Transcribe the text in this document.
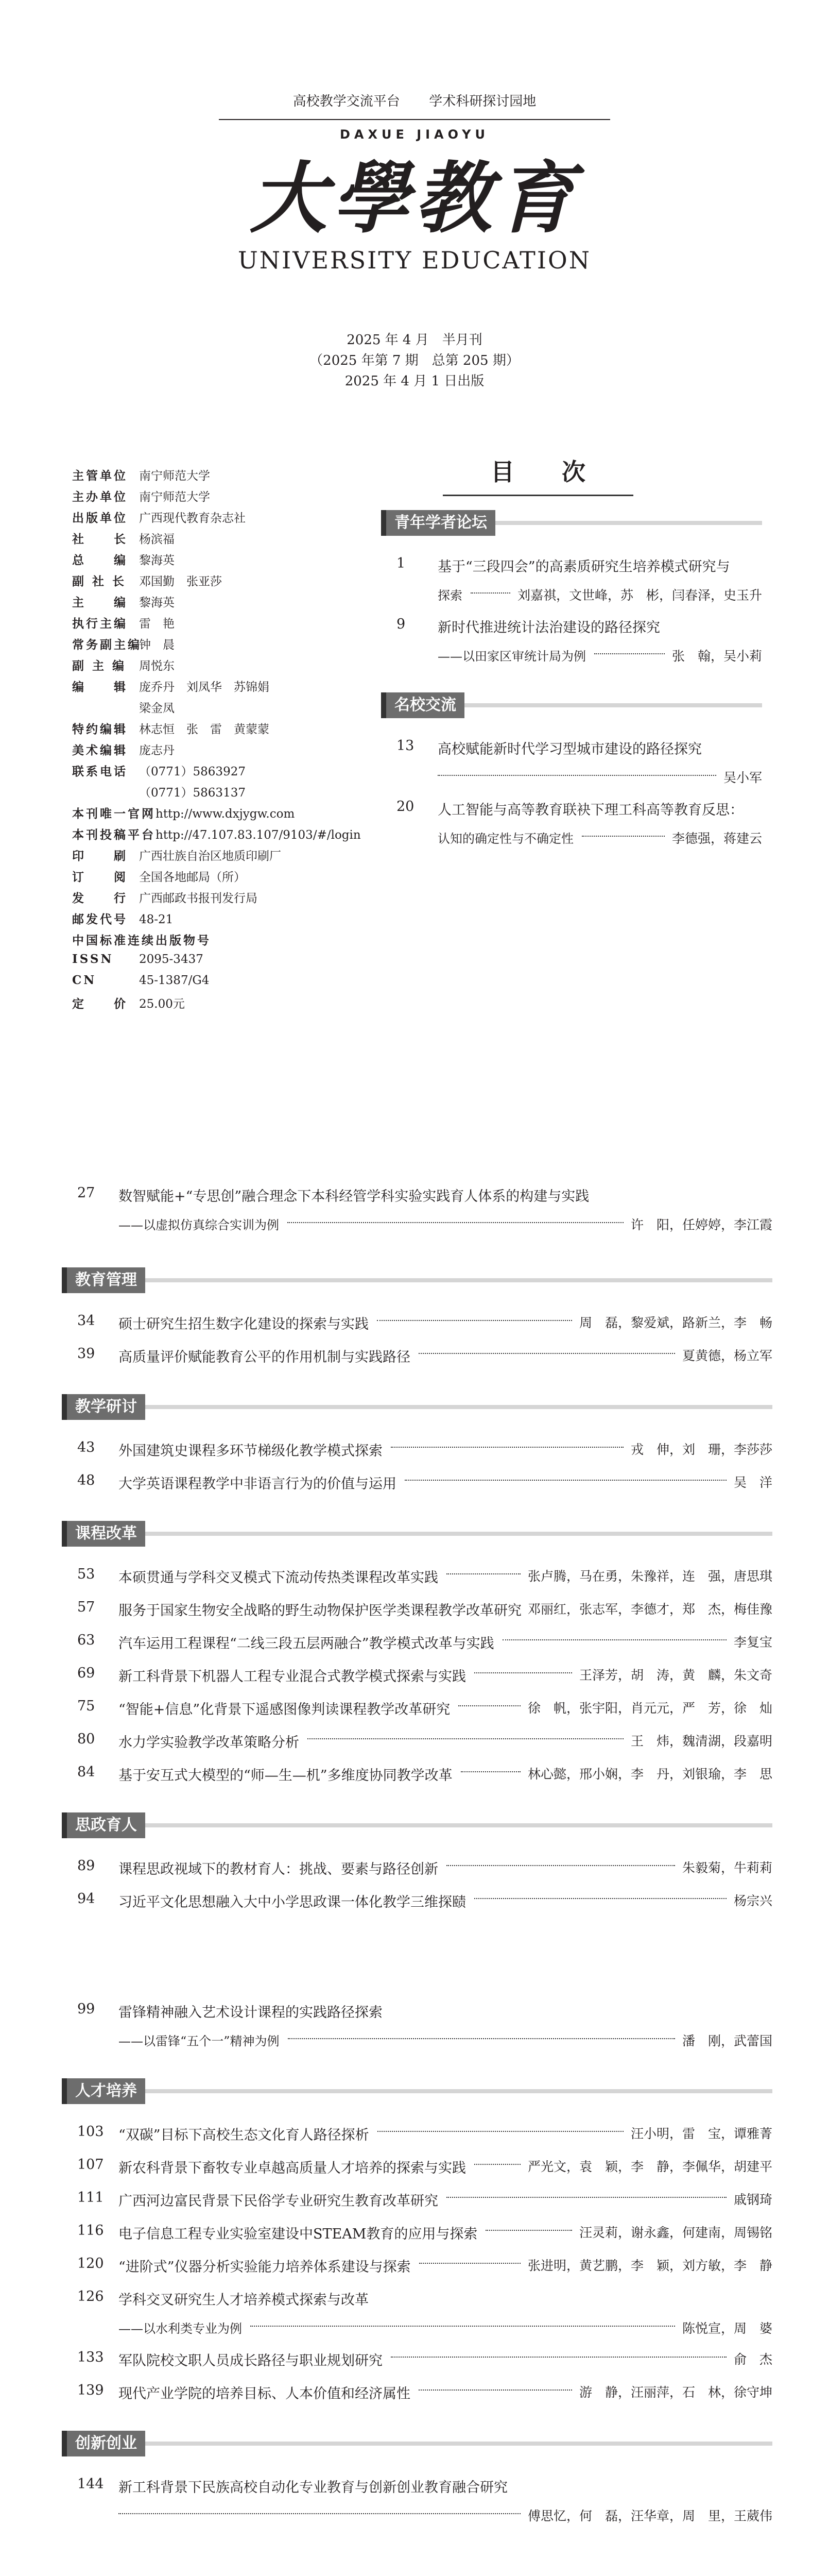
高校教学交流平台 学术科研探讨园地
DAXUE JIAOYU
大學教育
UNIVERSITY EDUCATION
2025 年 4 月　半月刊
（2025 年第 7 期　总第 205 期）
2025 年 4 月 1 日出版
主管单位 南宁师范大学
主办单位 南宁师范大学
出版单位 广西现代教育杂志社
社　　长 杨滨福
总　　编 黎海英
副 社 长 邓国勤　张亚莎
主　　编 黎海英
执行主编 雷　艳
常务副主编钟　晨
副 主 编 周悦东
编　　辑 庞乔丹　刘凤华　苏锦娟
梁金凤
特约编辑 林志恒　张　雷　黄蒙蒙
美术编辑 庞志丹
联系电话 （0771）5863927
（0771）5863137
本刊唯一官网http://www.dxjygw.com
本刊投稿平台http://47.107.83.107/9103/#/login
印　　刷 广西壮族自治区地质印刷厂
订　　阅 全国各地邮局（所）
发　　行 广西邮政书报刊发行局
邮发代号 48-21
中国标准连续出版物号
ISSN 2095-3437
CN	45-1387/G4
定　　价 25.00元
目　　次
青年学者论坛
1 基于“三段四会”的高素质研究生培养模式研究与
探索	刘嘉祺，文世峰，苏　彬，闫春泽，史玉升
9 新时代推进统计法治建设的路径探究
——以田家区审统计局为例	张　翰，吴小莉
名校交流
13 高校赋能新时代学习型城市建设的路径探究
吴小军
20 人工智能与高等教育联袂下理工科高等教育反思：
认知的确定性与不确定性	李德强，蒋建云
27 数智赋能+“专思创”融合理念下本科经管学科实验实践育人体系的构建与实践
——以虚拟仿真综合实训为例	许　阳，任婷婷，李江霞
教育管理
34 硕士研究生招生数字化建设的探索与实践	周　磊，黎爱斌，路新兰，李　畅
39 高质量评价赋能教育公平的作用机制与实践路径	夏黄德，杨立军
教学研讨
43 外国建筑史课程多环节梯级化教学模式探索	戎　伸，刘　珊，李莎莎
48 大学英语课程教学中非语言行为的价值与运用	吴　洋
课程改革
53 本硕贯通与学科交叉模式下流动传热类课程改革实践	张卢腾，马在勇，朱豫祥，连　强，唐思琪
57 服务于国家生物安全战略的野生动物保护医学类课程教学改革研究 邓丽红，张志军，李德才，郑　杰，梅佳豫
63 汽车运用工程课程“二线三段五层两融合”教学模式改革与实践	李复宝
69 新工科背景下机器人工程专业混合式教学模式探索与实践	王泽芳，胡　涛，黄　麟，朱文奇
75 “智能+信息”化背景下遥感图像判读课程教学改革研究	徐　帆，张宇阳，肖元元，严　芳，徐　灿
80 水力学实验教学改革策略分析	王　炜，魏清湖，段嘉明
84 基于安互式大模型的“师—生—机”多维度协同教学改革	林心懿，邢小娴，李　丹，刘银瑜，李　思
思政育人
89 课程思政视域下的教材育人：挑战、要素与路径创新	朱毅菊，牛莉莉
94 习近平文化思想融入大中小学思政课一体化教学三维探赜	杨宗兴
99 雷锋精神融入艺术设计课程的实践路径探索
——以雷锋“五个一”精神为例	潘　刚，武蕾国
人才培养
103 “双碳”目标下高校生态文化育人路径探析	汪小明，雷　宝，谭雅菁
107 新农科背景下畜牧专业卓越高质量人才培养的探索与实践	严光文，袁　颖，李　静，李佩华，胡建平
111 广西河边富民背景下民俗学专业研究生教育改革研究	戚钢琦
116 电子信息工程专业实验室建设中STEAM教育的应用与探索	汪灵莉，谢永鑫，何建南，周锡铭
120 “进阶式”仪器分析实验能力培养体系建设与探索	张进明，黄艺鹏，李　颖，刘方敏，李　静
126 学科交叉研究生人才培养模式探索与改革
——以水利类专业为例	陈悦宣，周　婆
133 军队院校文职人员成长路径与职业规划研究	俞　杰
139 现代产业学院的培养目标、人本价值和经济属性	游　静，汪丽萍，石　林，徐守坤
创新创业
144 新工科背景下民族高校自动化专业教育与创新创业教育融合研究
傅思忆，何　磊，汪华章，周　里，王葳伟
